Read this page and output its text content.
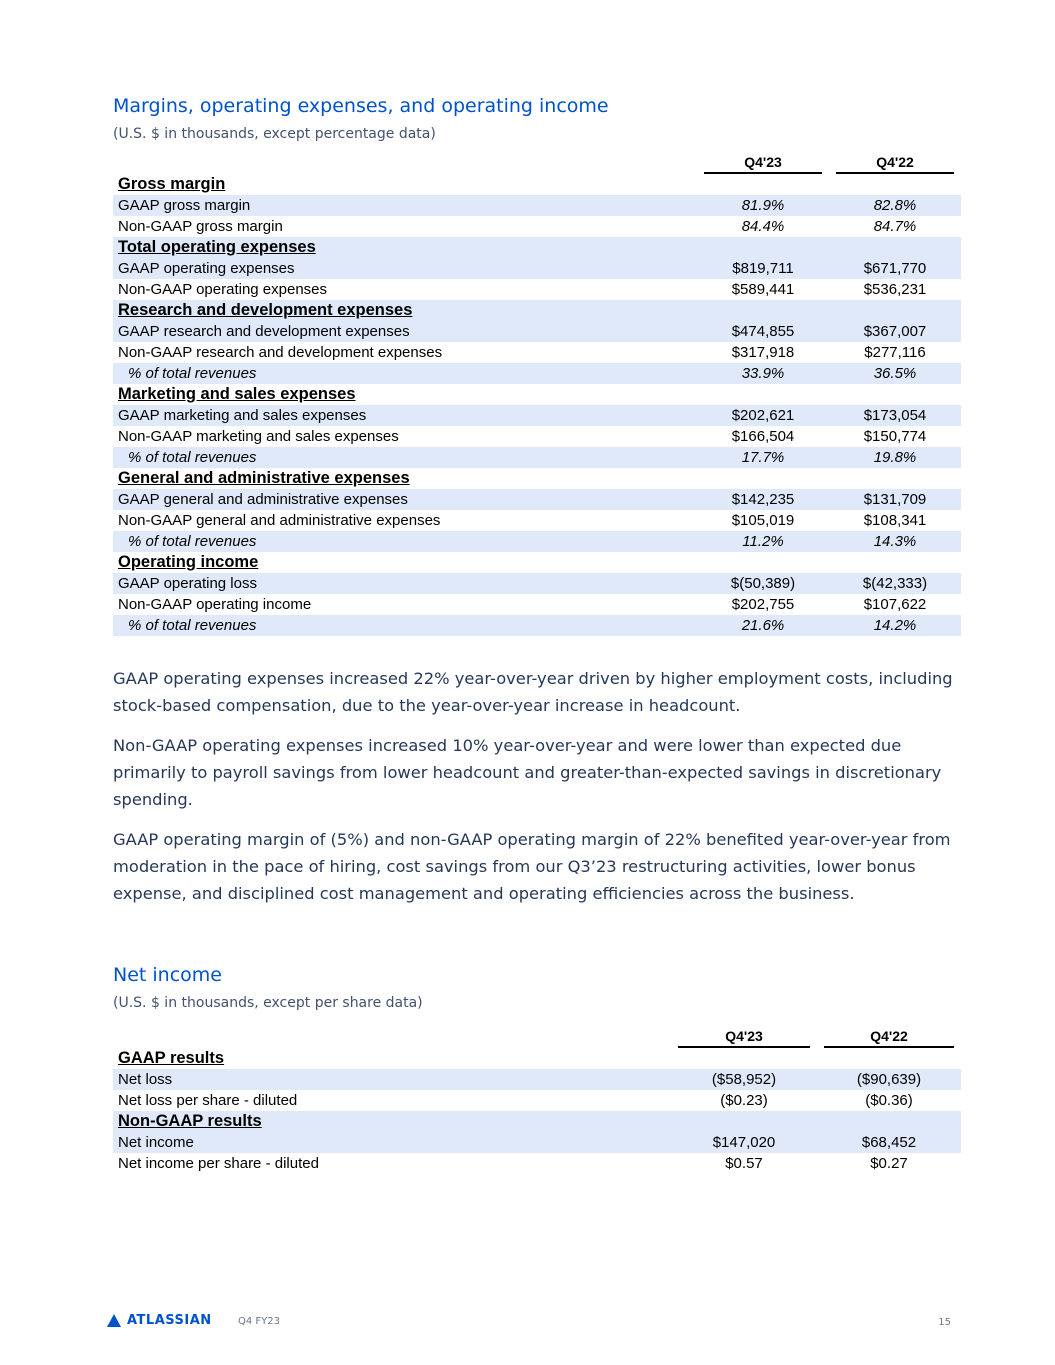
Margins, operating expenses, and operating income

(U.S. $ in thousands, except percentage data)

	Q4'23	Q4'22

Gross margin		
GAAP gross margin	81.9%	82.8%
Non-GAAP gross margin	84.4%	84.7%
Total operating expenses		
GAAP operating expenses	$819,711	$671,770
Non-GAAP operating expenses	$589,441	$536,231
Research and development expenses		
GAAP research and development expenses	$474,855	$367,007
Non-GAAP research and development expenses	$317,918	$277,116
% of total revenues	33.9%	36.5%
Marketing and sales expenses		
GAAP marketing and sales expenses	$202,621	$173,054
Non-GAAP marketing and sales expenses	$166,504	$150,774
% of total revenues	17.7%	19.8%
General and administrative expenses		
GAAP general and administrative expenses	$142,235	$131,709
Non-GAAP general and administrative expenses	$105,019	$108,341
% of total revenues	11.2%	14.3%
Operating income		
GAAP operating loss	$(50,389)	$(42,333)
Non-GAAP operating income	$202,755	$107,622
% of total revenues	21.6%	14.2%

GAAP operating expenses increased 22% year-over-year driven by higher employment costs, including stock-based compensation, due to the year-over-year increase in headcount.

Non-GAAP operating expenses increased 10% year-over-year and were lower than expected due primarily to payroll savings from lower headcount and greater-than-expected savings in discretionary spending.

GAAP operating margin of (5%) and non-GAAP operating margin of 22% benefited year-over-year from moderation in the pace of hiring, cost savings from our Q3’23 restructuring activities, lower bonus expense, and disciplined cost management and operating efficiencies across the business.

Net income

(U.S. $ in thousands, except per share data)

	Q4'23	Q4'22

GAAP results		
Net loss	($58,952)	($90,639)
Net loss per share - diluted	($0.23)	($0.36)
Non-GAAP results		
Net income	$147,020	$68,452
Net income per share - diluted	$0.57	$0.27
ATLASSIAN	Q4 FY23	15
